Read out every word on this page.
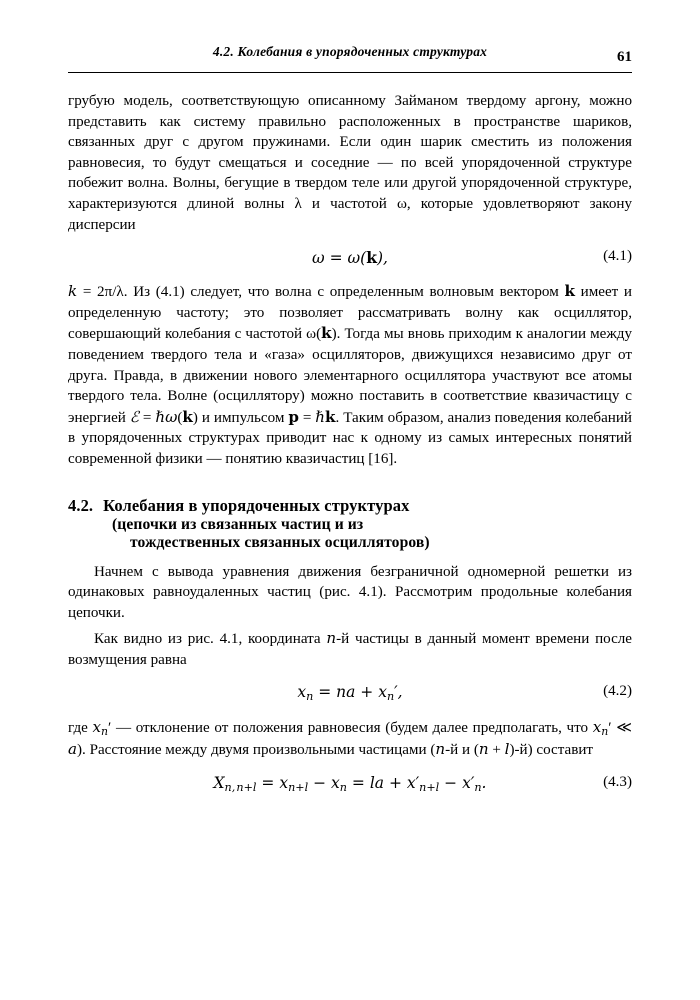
4.2. Колебания в упорядоченных структурах	61

грубую модель, соответствующую описанному Займаном твердому аргону, можно представить как систему правильно расположенных в пространстве шариков, связанных друг с другом пружинами. Если один шарик сместить из положения равновесия, то будут смещаться и соседние — по всей упорядоченной структуре побежит волна. Волны, бегущие в твердом теле или другой упорядоченной структуре, характеризуются длиной волны λ и частотой ω, которые удовлетворяют закону дисперсии

ω = ω(k),	(4.1)

k = 2π/λ. Из (4.1) следует, что волна с определенным волновым вектором k имеет и определенную частоту; это позволяет рассматривать волну как осциллятор, совершающий колебания с частотой ω(k). Тогда мы вновь приходим к аналогии между поведением твердого тела и «газа» осцилляторов, движущихся независимо друг от друга. Правда, в движении нового элементарного осциллятора участвуют все атомы твердого тела. Волне (осциллятору) можно поставить в соответствие квазичастицу с энергией ℰ = ℏω(k) и импульсом p = ℏk. Таким образом, анализ поведения колебаний в упорядоченных структурах приводит нас к одному из самых интересных понятий современной физики — понятию квазичастиц [16].

4.2. Колебания в упорядоченных структурах
(цепочки из связанных частиц и из
тождественных связанных осцилляторов)

Начнем с вывода уравнения движения безграничной одномерной решетки из одинаковых равноудаленных частиц (рис. 4.1). Рассмотрим продольные колебания цепочки.

Как видно из рис. 4.1, координата n-й частицы в данный момент времени после возмущения равна

$x_n$ = na + $x_n'$,	(4.2)

где $x_n'$ — отклонение от положения равновесия (будем далее предполагать, что $x_n'$ ≪ a). Расстояние между двумя произвольными частицами (n-й и (n + l)-й) составит

$X_{n, n+l} = x_{n+l} - x_n$ = la + $x'_{n+l} - x'_n$.	(4.3)
